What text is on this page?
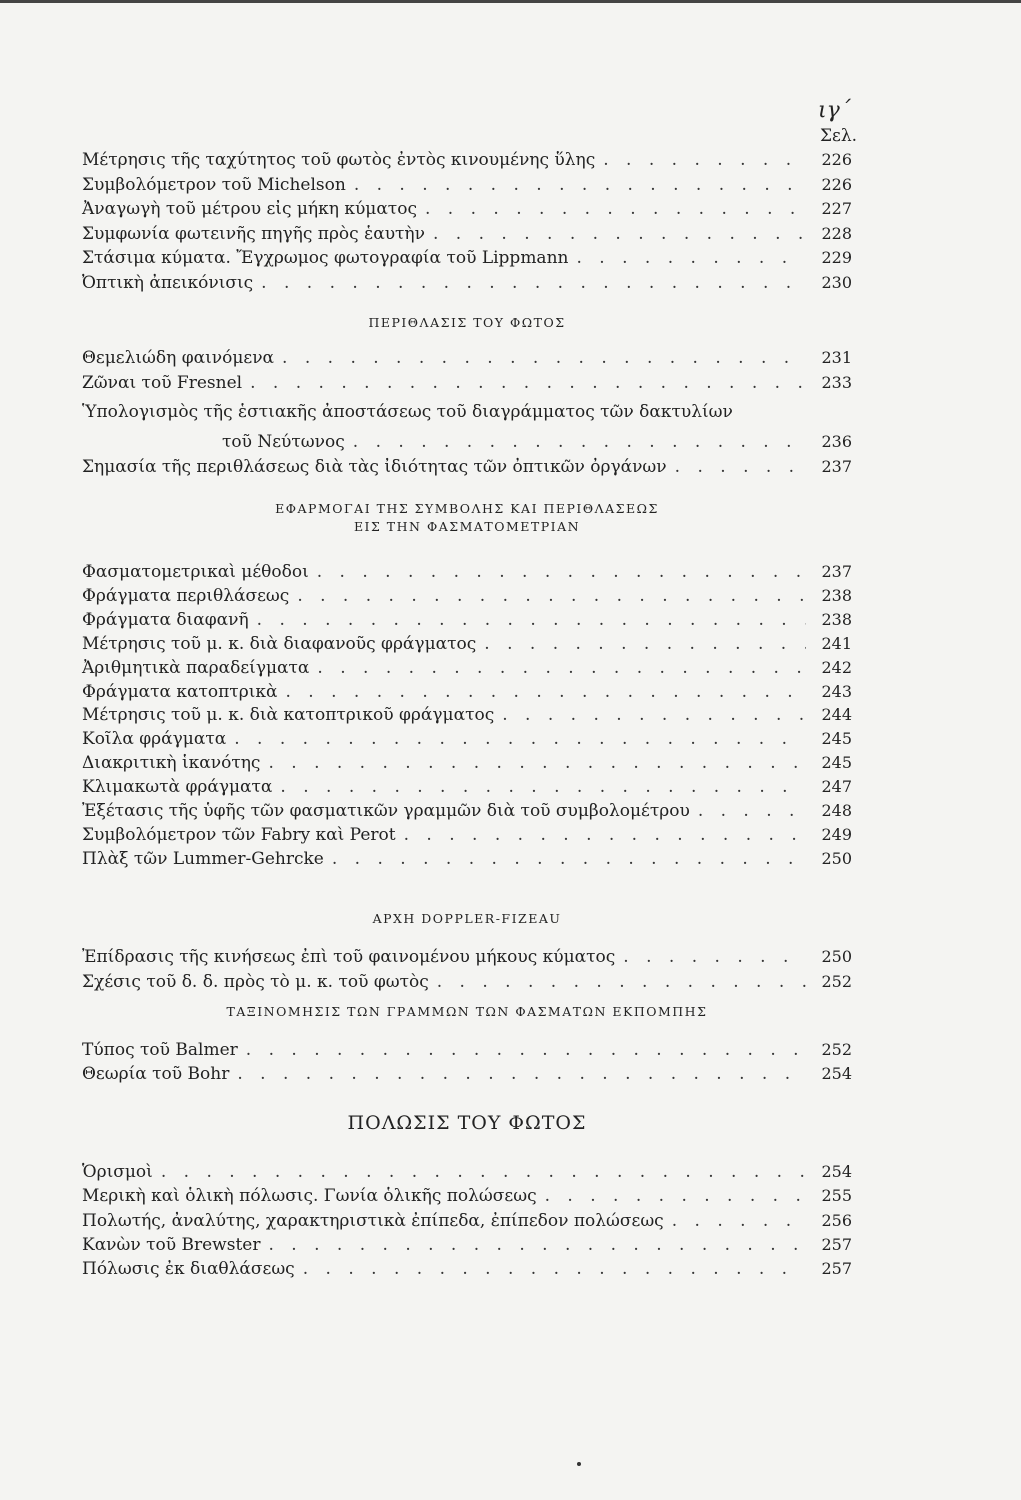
ιγ΄
Σελ.
Μέτρησις τῆς ταχύτητος τοῦ φωτὸς ἐντὸς κινουμένης ὕλης . . .	226
Συμβολόμετρον τοῦ Michelson . . .	226
Ἀναγωγὴ τοῦ μέτρου εἰς μήκη κύματος . . .	227
Συμφωνία φωτεινῆς πηγῆς πρὸς ἑαυτὴν . . .	228
Στάσιμα κύματα. Ἔγχρωμος φωτογραφία τοῦ Lippmann . . .	229
Ὀπτικὴ ἀπεικόνισις . . .	230
ΠΕΡΙΘΛΑΣΙΣ ΤΟΥ ΦΩΤΟΣ
Θεμελιώδη φαινόμενα . . .	231
Ζῶναι τοῦ Fresnel . . .	233
Ὑπολογισμὸς τῆς ἑστιακῆς ἀποστάσεως τοῦ διαγράμματος τῶν δακτυλίων
τοῦ Νεύτωνος . . .	236
Σημασία τῆς περιθλάσεως διὰ τὰς ἰδιότητας τῶν ὀπτικῶν ὀργάνων . . .	237
ΕΦΑΡΜΟΓΑΙ ΤΗΣ ΣΥΜΒΟΛΗΣ ΚΑΙ ΠΕΡΙΘΛΑΣΕΩΣ
ΕΙΣ ΤΗΝ ΦΑΣΜΑΤΟΜΕΤΡΙΑΝ
Φασματομετρικαὶ μέθοδοι . . .	237
Φράγματα περιθλάσεως . . .	238
Φράγματα διαφανῆ . . .	238
Μέτρησις τοῦ μ. κ. διὰ διαφανοῦς φράγματος . . .	241
Ἀριθμητικὰ παραδείγματα . . .	242
Φράγματα κατοπτρικὰ . . .	243
Μέτρησις τοῦ μ. κ. διὰ κατοπτρικοῦ φράγματος . . .	244
Κοῖλα φράγματα . . .	245
Διακριτικὴ ἱκανότης . . .	245
Κλιμακωτὰ φράγματα . . .	247
Ἐξέτασις τῆς ὑφῆς τῶν φασματικῶν γραμμῶν διὰ τοῦ συμβολομέτρου . . .	248
Συμβολόμετρον τῶν Fabry καὶ Perot . . .	249
Πλὰξ τῶν Lummer-Gehrcke . . .	250
ΑΡΧΗ DOPPLER-FIZEAU
Ἐπίδρασις τῆς κινήσεως ἐπὶ τοῦ φαινομένου μήκους κύματος . . .	250
Σχέσις τοῦ δ. δ. πρὸς τὸ μ. κ. τοῦ φωτὸς . . .	252
ΤΑΞΙΝΟΜΗΣΙΣ ΤΩΝ ΓΡΑΜΜΩΝ ΤΩΝ ΦΑΣΜΑΤΩΝ ΕΚΠΟΜΠΗΣ
Τύπος τοῦ Balmer . . .	252
Θεωρία τοῦ Bohr . . .	254
ΠΟΛΩΣΙΣ ΤΟΥ ΦΩΤΟΣ
Ὁρισμοὶ . . .	254
Μερικὴ καὶ ὁλικὴ πόλωσις. Γωνία ὁλικῆς πολώσεως . . .	255
Πολωτής, ἀναλύτης, χαρακτηριστικὰ ἐπίπεδα, ἐπίπεδον πολώσεως . . .	256
Κανὼν τοῦ Brewster . . .	257
Πόλωσις ἐκ διαθλάσεως . . .	257
